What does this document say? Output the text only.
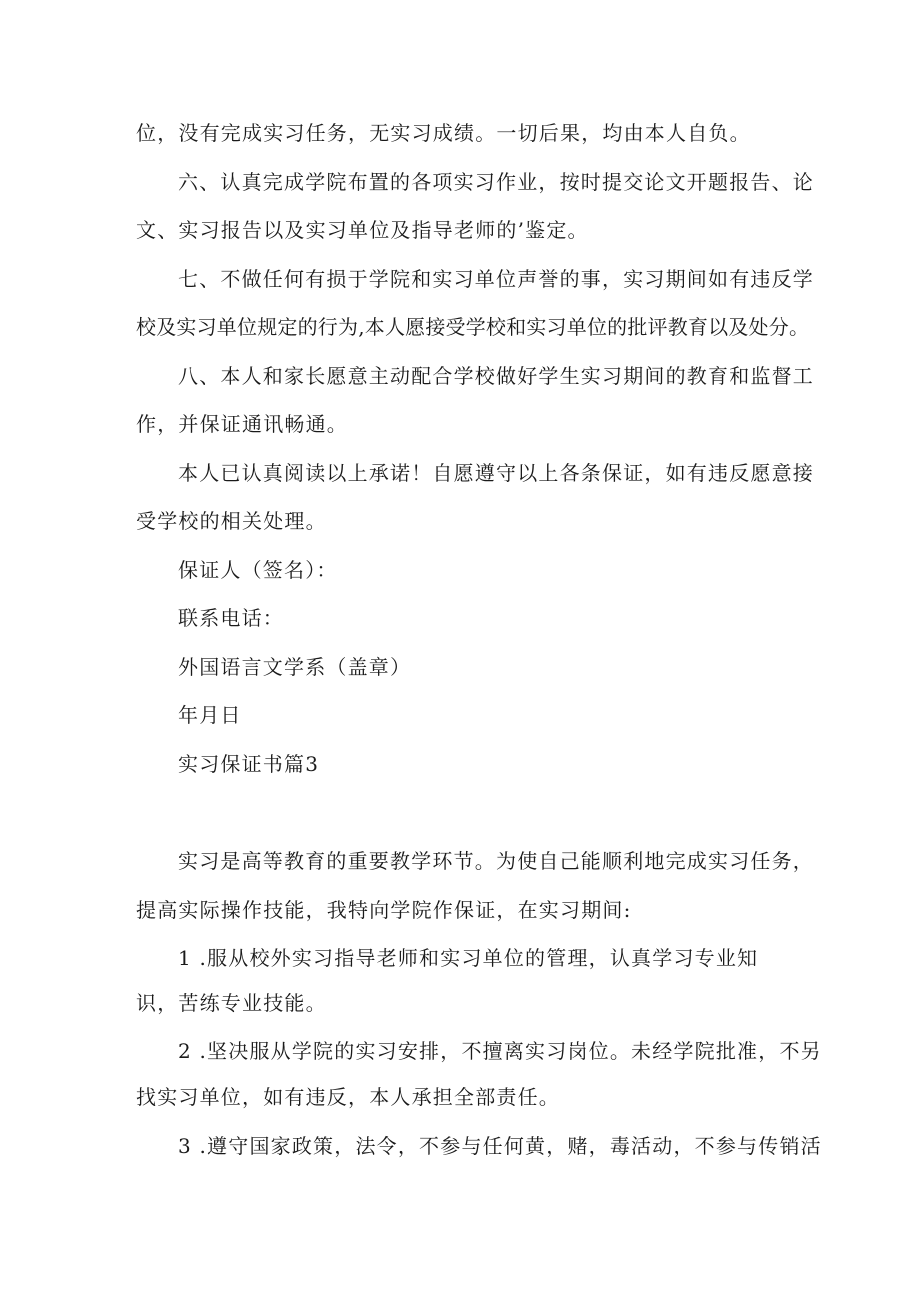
位，没有完成实习任务，无实习成绩。一切后果，均由本人自负。
六、认真完成学院布置的各项实习作业，按时提交论文开题报告、论
文、实习报告以及实习单位及指导老师的’鉴定。
七、不做任何有损于学院和实习单位声誉的事，实习期间如有违反学
校及实习单位规定的行为,本人愿接受学校和实习单位的批评教育以及处分。
八、本人和家长愿意主动配合学校做好学生实习期间的教育和监督工
作，并保证通讯畅通。
本人已认真阅读以上承诺！自愿遵守以上各条保证，如有违反愿意接
受学校的相关处理。
保证人（签名）：
联系电话：
外国语言文学系（盖章）
年月日
实习保证书篇3
实习是高等教育的重要教学环节。为使自己能顺利地完成实习任务，
提高实际操作技能，我特向学院作保证，在实习期间:
1 .服从校外实习指导老师和实习单位的管理，认真学习专业知
识，苦练专业技能。
2 .坚决服从学院的实习安排，不擅离实习岗位。未经学院批准，不另
找实习单位，如有违反，本人承担全部责任。
3 .遵守国家政策，法令，不参与任何黄，赌，毒活动，不参与传销活
